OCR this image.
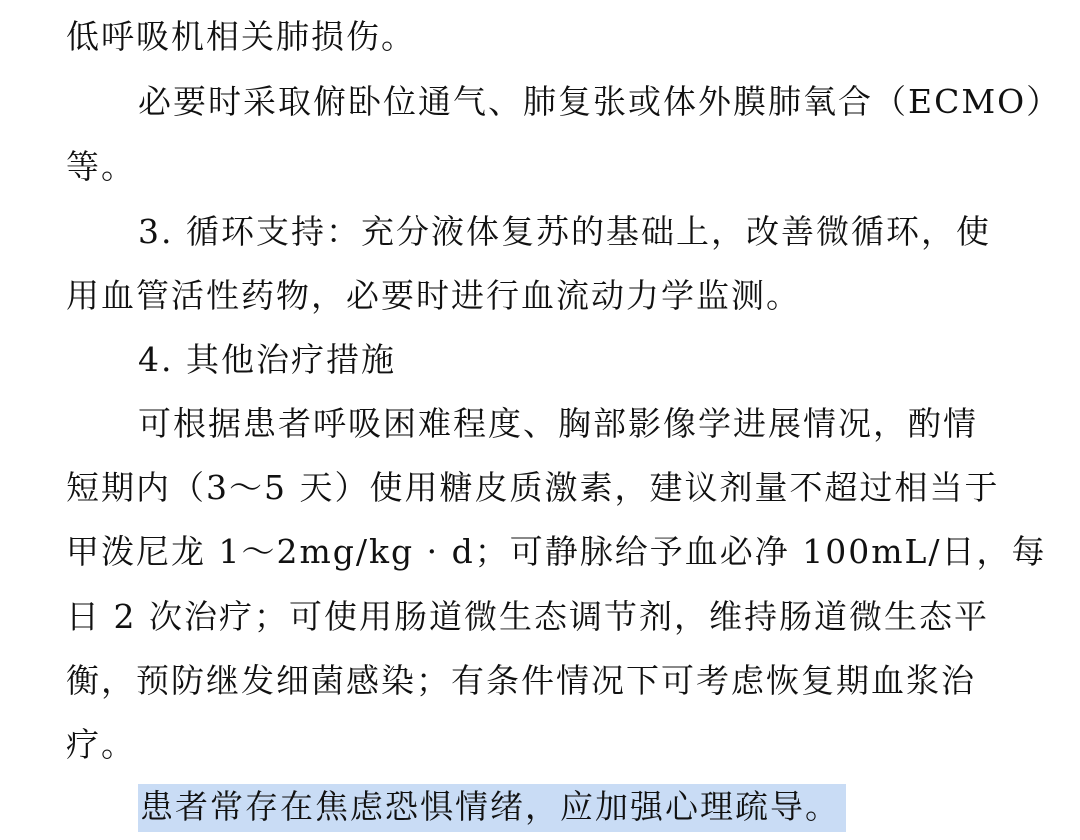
低呼吸机相关肺损伤。

必要时采取俯卧位通气、肺复张或体外膜肺氧合（ECMO）

等。

3. 循环支持：充分液体复苏的基础上，改善微循环，使

用血管活性药物，必要时进行血流动力学监测。

4. 其他治疗措施

可根据患者呼吸困难程度、胸部影像学进展情况，酌情

短期内（3～5 天）使用糖皮质激素，建议剂量不超过相当于

甲泼尼龙 1～2mg/kg · d；可静脉给予血必净 100mL/日，每

日 2 次治疗；可使用肠道微生态调节剂，维持肠道微生态平

衡，预防继发细菌感染；有条件情况下可考虑恢复期血浆治

疗。

患者常存在焦虑恐惧情绪，应加强心理疏导。
